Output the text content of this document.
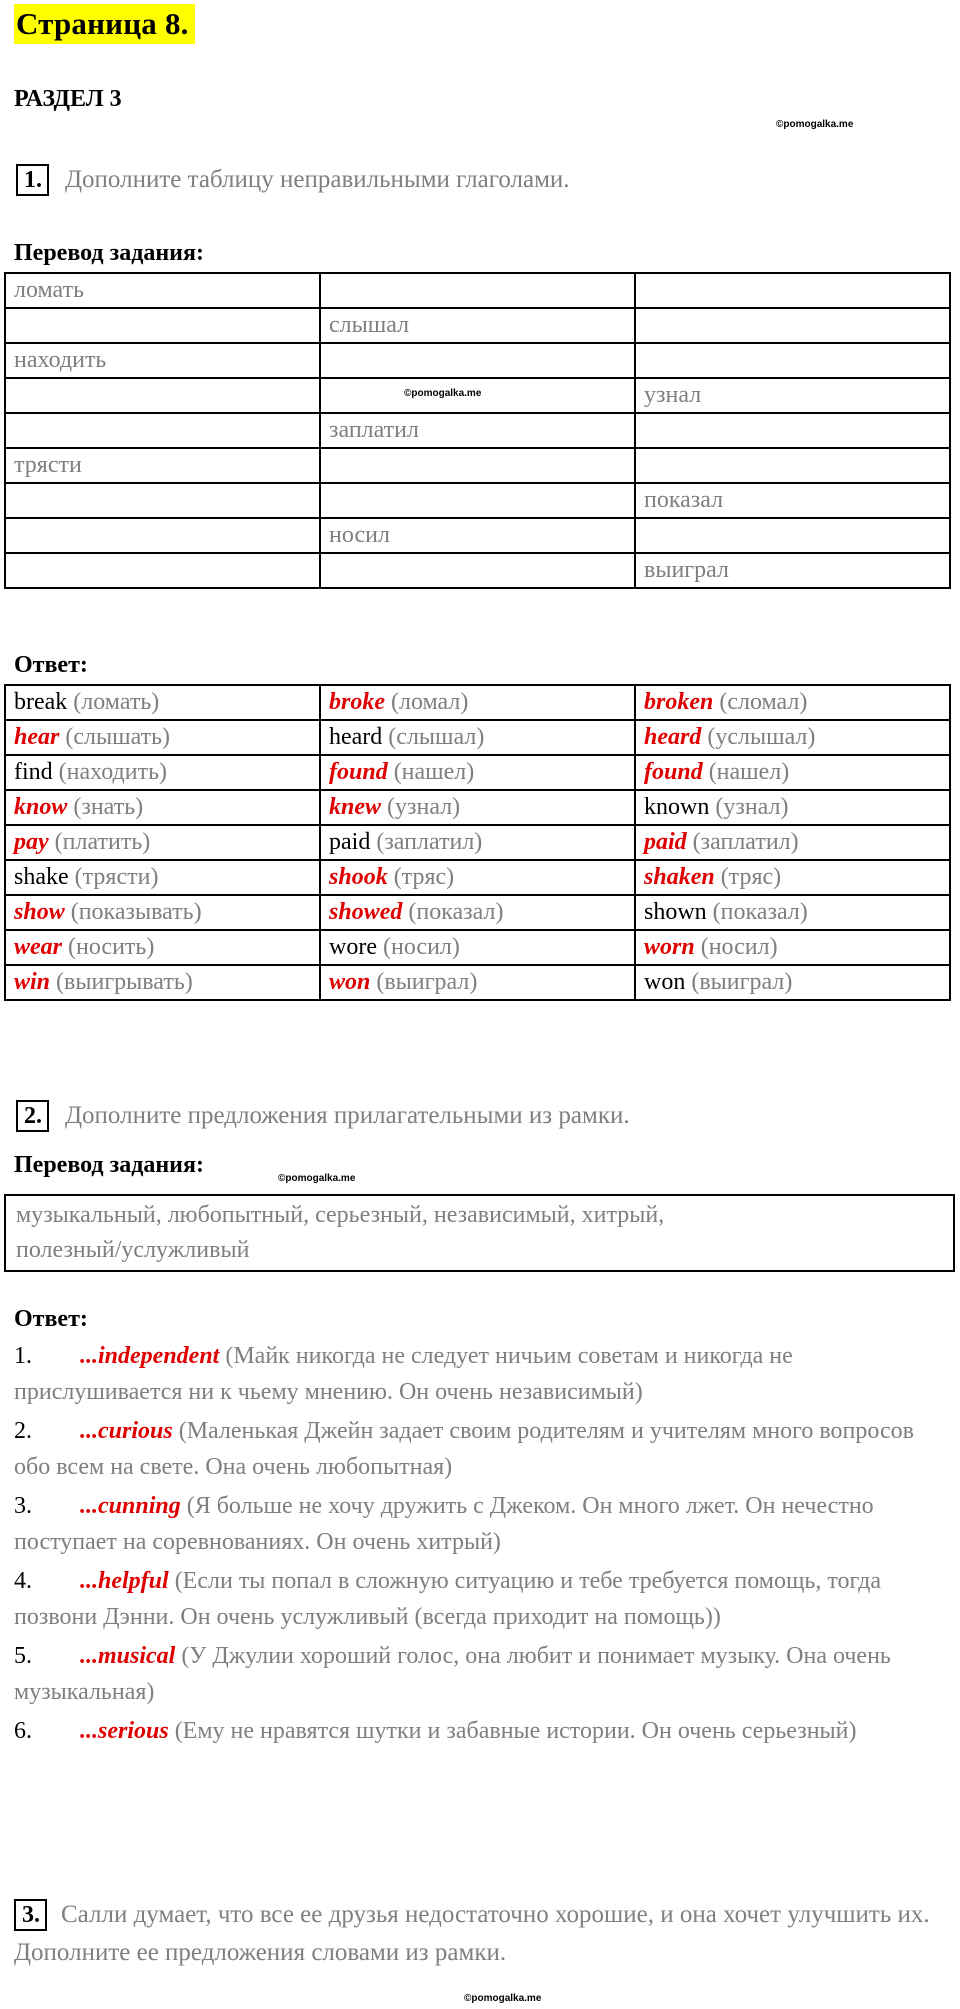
Страница 8.
РАЗДЕЛ 3
©pomogalka.me
1. Дополните таблицу неправильными глаголами.
Перевод задания:
ломать		
	слышал	
находить		
		узнал
	заплатил	
трясти		
		показал
	носил	
		выиграл
©pomogalka.me
Ответ:
break (ломать)	broke (ломал)	broken (сломал)
hear (слышать)	heard (слышал)	heard (услышал)
find (находить)	found (нашел)	found (нашел)
know (знать)	knew (узнал)	known (узнал)
pay (платить)	paid (заплатил)	paid (заплатил)
shake (трясти)	shook (тряс)	shaken (тряс)
show (показывать)	showed (показал)	shown (показал)
wear (носить)	wore (носил)	worn (носил)
win (выигрывать)	won (выиграл)	won (выиграл)
2. Дополните предложения прилагательными из рамки.
Перевод задания:
©pomogalka.me
музыкальный, любопытный, серьезный, независимый, хитрый,
полезный/услужливый
Ответ:
1. ...independent (Майк никогда не следует ничьим советам и никогда не прислушивается ни к чьему мнению. Он очень независимый)
2. ...curious (Маленькая Джейн задает своим родителям и учителям много вопросов обо всем на свете. Она очень любопытная)
3. ...cunning (Я больше не хочу дружить с Джеком. Он много лжет. Он нечестно поступает на соревнованиях. Он очень хитрый)
4. ...helpful (Если ты попал в сложную ситуацию и тебе требуется помощь, тогда позвони Дэнни. Он очень услужливый (всегда приходит на помощь))
5. ...musical (У Джулии хороший голос, она любит и понимает музыку. Она очень музыкальная)
6. ...serious (Ему не нравятся шутки и забавные истории. Он очень серьезный)
3. Салли думает, что все ее друзья недостаточно хорошие, и она хочет улучшить их. Дополните ее предложения словами из рамки.
©pomogalka.me
